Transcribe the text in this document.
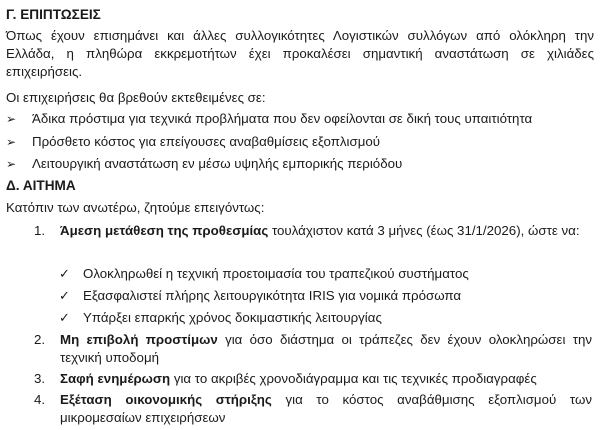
Γ. ΕΠΙΠΤΩΣΕΙΣ
Όπως έχουν επισημάνει και άλλες συλλογικότητες Λογιστικών συλλόγων από ολόκληρη την Ελλάδα, η πληθώρα εκκρεμοτήτων έχει προκαλέσει σημαντική αναστάτωση σε χιλιάδες επιχειρήσεις.
Οι επιχειρήσεις θα βρεθούν εκτεθειμένες σε:
➢	Άδικα πρόστιμα για τεχνικά προβλήματα που δεν οφείλονται σε δική τους υπαιτιότητα
➢	Πρόσθετο κόστος για επείγουσες αναβαθμίσεις εξοπλισμού
➢	Λειτουργική αναστάτωση εν μέσω υψηλής εμπορικής περιόδου
Δ. ΑΙΤΗΜΑ
Κατόπιν των ανωτέρω, ζητούμε επειγόντως:
1.	Άμεση μετάθεση της προθεσμίας τουλάχιστον κατά 3 μήνες (έως 31/1/2026), ώστε να:
✓ Ολοκληρωθεί η τεχνική προετοιμασία του τραπεζικού συστήματος
✓ Εξασφαλιστεί πλήρης λειτουργικότητα IRIS για νομικά πρόσωπα
✓ Υπάρξει επαρκής χρόνος δοκιμαστικής λειτουργίας
2.	Μη επιβολή προστίμων για όσο διάστημα οι τράπεζες δεν έχουν ολοκληρώσει την τεχνική υποδομή
3.	Σαφή ενημέρωση για το ακριβές χρονοδιάγραμμα και τις τεχνικές προδιαγραφές
4.	Εξέταση οικονομικής στήριξης για το κόστος αναβάθμισης εξοπλισμού των μικρομεσαίων επιχειρήσεων
